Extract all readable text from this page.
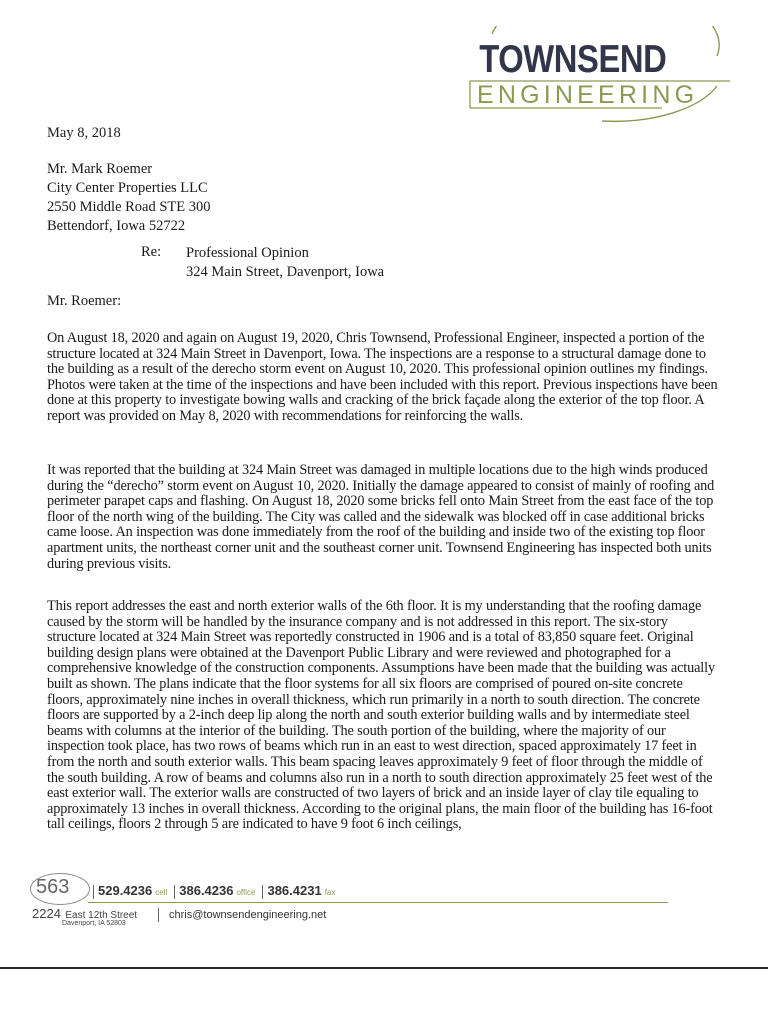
TOWNSEND
ENGINEERING
May 8, 2018
Mr. Mark Roemer
City Center Properties LLC
2550 Middle Road STE 300
Bettendorf, Iowa 52722
Re: Professional Opinion
324 Main Street, Davenport, Iowa
Mr. Roemer:
On August 18, 2020 and again on August 19, 2020, Chris Townsend, Professional Engineer, inspected a portion of the structure located at 324 Main Street in Davenport, Iowa. The inspections are a response to a structural damage done to the building as a result of the derecho storm event on August 10, 2020. This professional opinion outlines my findings. Photos were taken at the time of the inspections and have been included with this report. Previous inspections have been done at this property to investigate bowing walls and cracking of the brick façade along the exterior of the top floor. A report was provided on May 8, 2020 with recommendations for reinforcing the walls.
It was reported that the building at 324 Main Street was damaged in multiple locations due to the high winds produced during the “derecho” storm event on August 10, 2020. Initially the damage appeared to consist of mainly of roofing and perimeter parapet caps and flashing. On August 18, 2020 some bricks fell onto Main Street from the east face of the top floor of the north wing of the building. The City was called and the sidewalk was blocked off in case additional bricks came loose. An inspection was done immediately from the roof of the building and inside two of the existing top floor apartment units, the northeast corner unit and the southeast corner unit. Townsend Engineering has inspected both units during previous visits.
This report addresses the east and north exterior walls of the 6th floor. It is my understanding that the roofing damage caused by the storm will be handled by the insurance company and is not addressed in this report. The six-story structure located at 324 Main Street was reportedly constructed in 1906 and is a total of 83,850 square feet. Original building design plans were obtained at the Davenport Public Library and were reviewed and photographed for a comprehensive knowledge of the construction components. Assumptions have been made that the building was actually built as shown. The plans indicate that the floor systems for all six floors are comprised of poured on-site concrete floors, approximately nine inches in overall thickness, which run primarily in a north to south direction. The concrete floors are supported by a 2-inch deep lip along the north and south exterior building walls and by intermediate steel beams with columns at the interior of the building. The south portion of the building, where the majority of our inspection took place, has two rows of beams which run in an east to west direction, spaced approximately 17 feet in from the north and south exterior walls. This beam spacing leaves approximately 9 feet of floor through the middle of the south building. A row of beams and columns also run in a north to south direction approximately 25 feet west of the east exterior wall. The exterior walls are constructed of two layers of brick and an inside layer of clay tile equaling to approximately 13 inches in overall thickness. According to the original plans, the main floor of the building has 16-foot tall ceilings, floors 2 through 5 are indicated to have 9 foot 6 inch ceilings,
563	529.4236 cell 386.4236 office 386.4231 fax
2224 East 12th Street
Davenport, IA 52803
chris@townsendengineering.net
